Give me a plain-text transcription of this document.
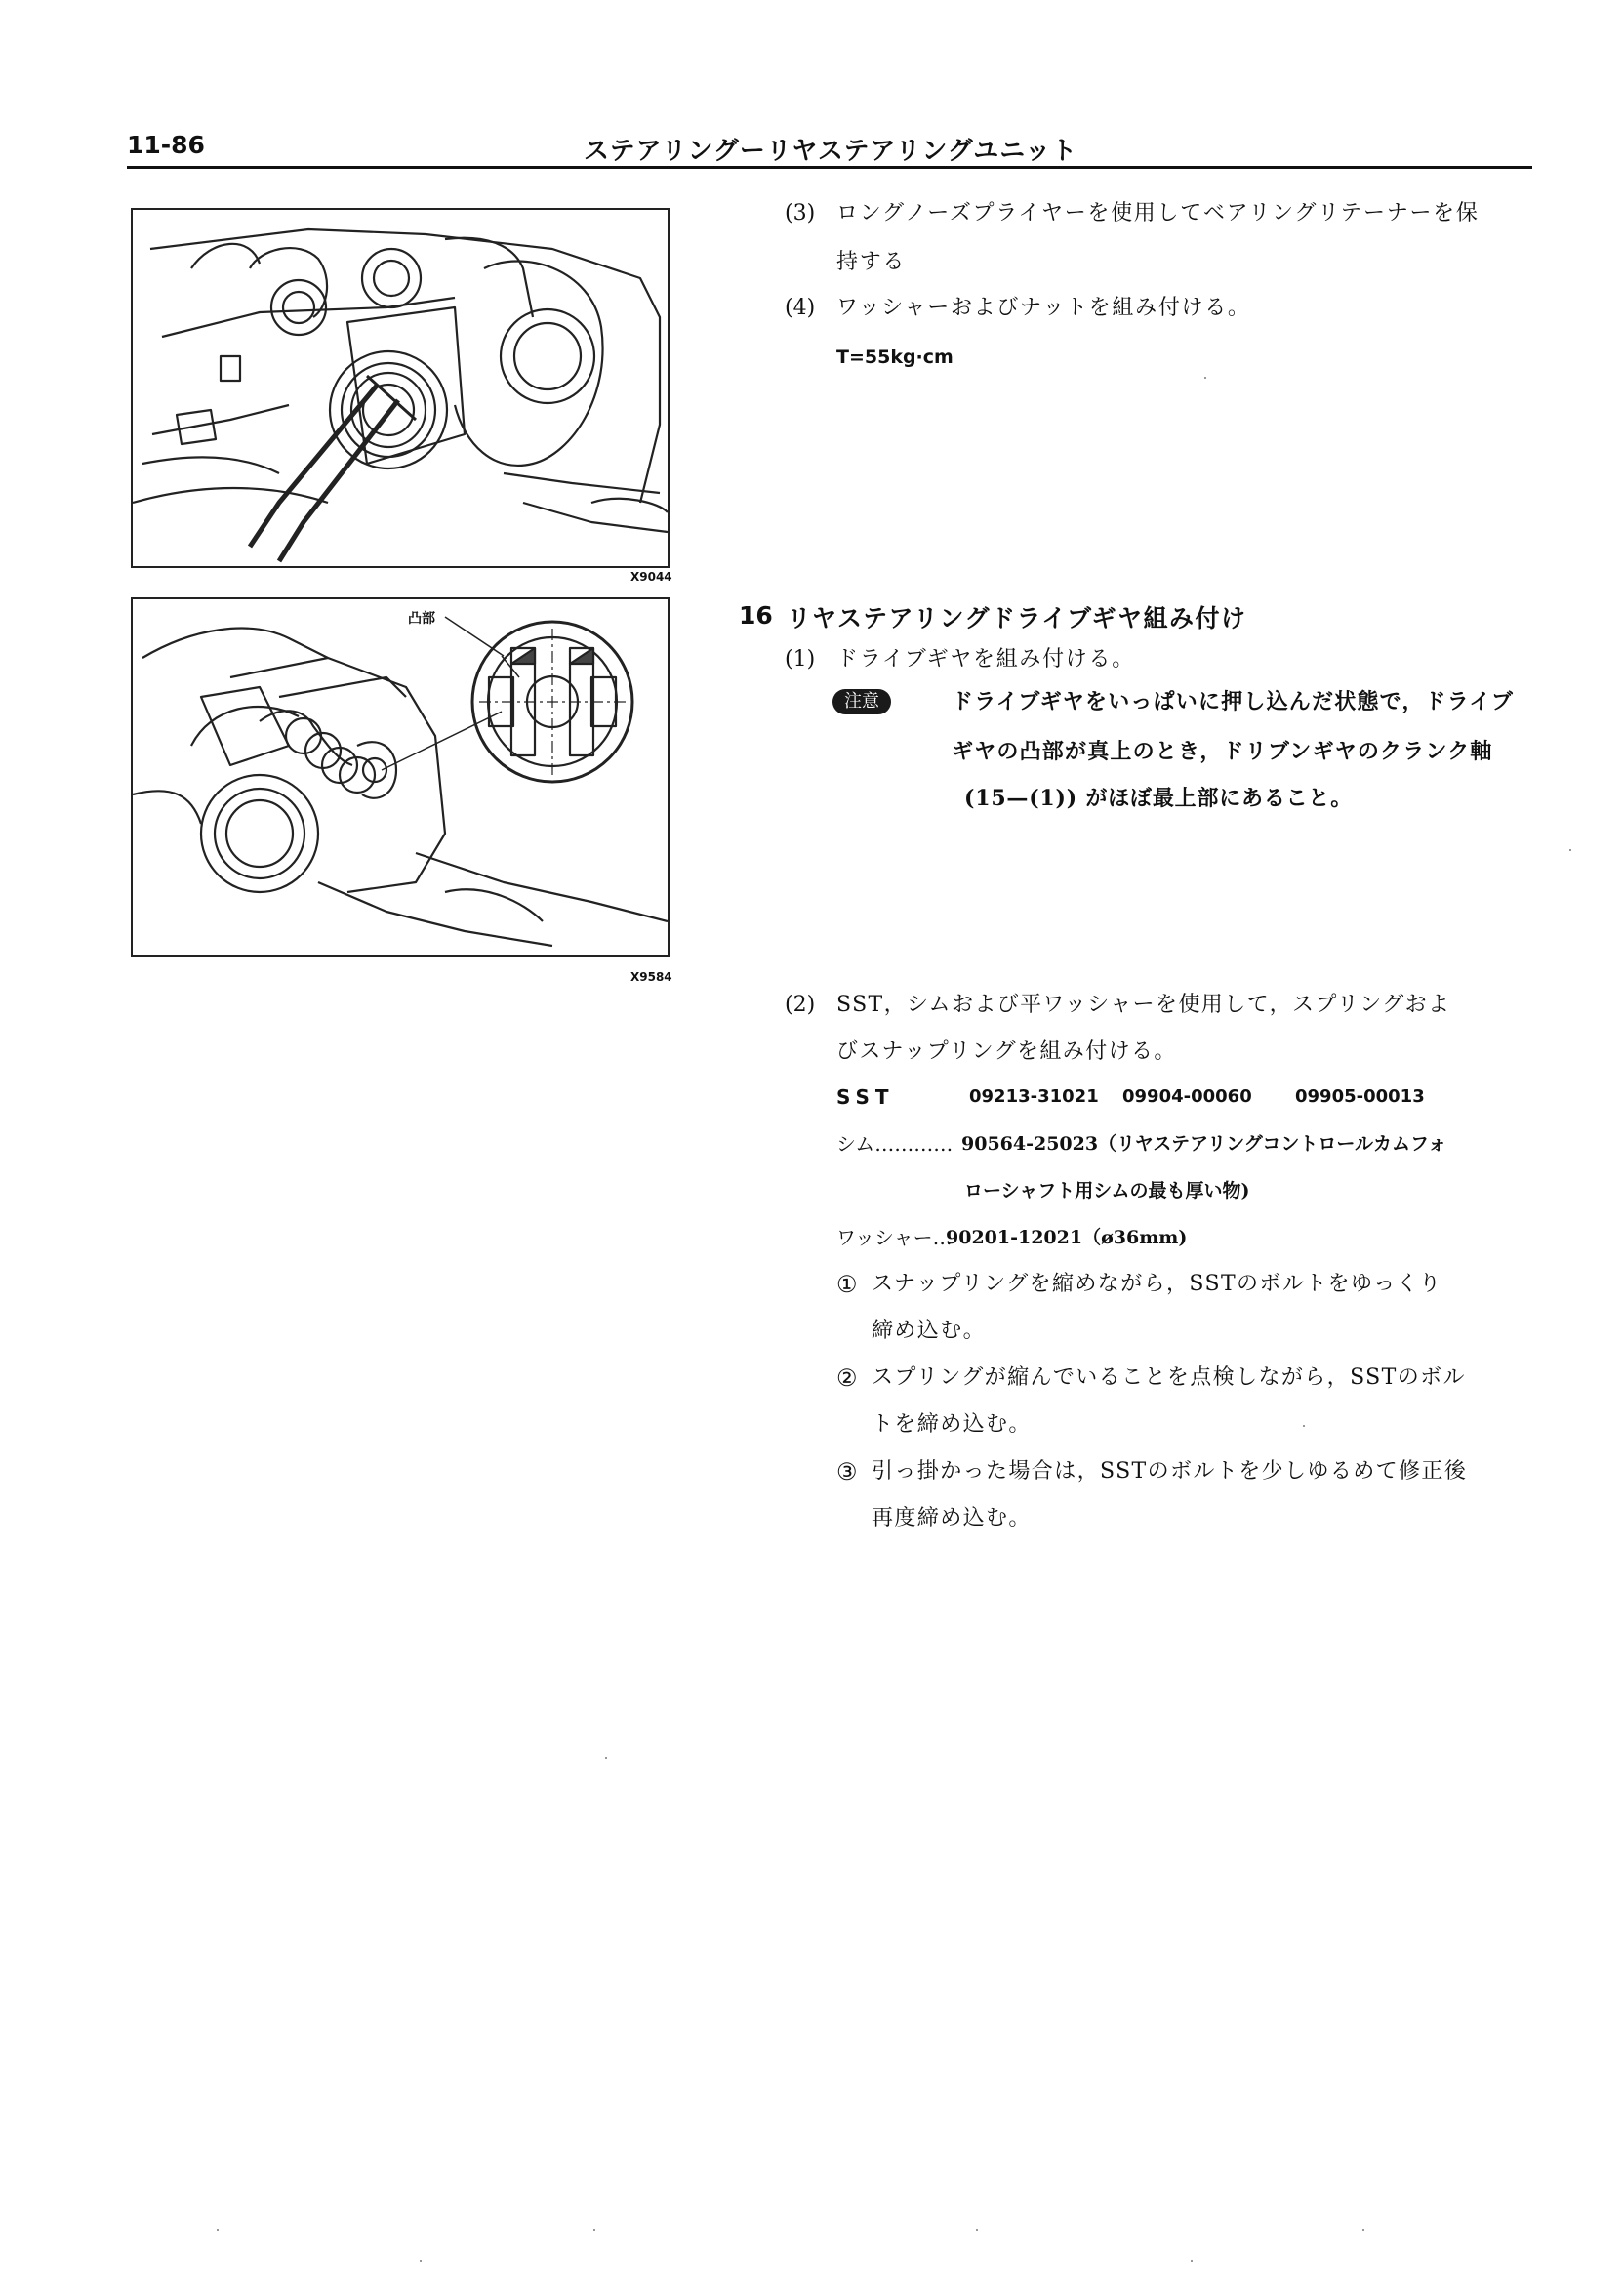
11-86	ステアリングーリヤステアリングユニット
X9044
凸部
X9584
(3) ロングノーズプライヤーを使用してベアリングリテーナーを保
持する
(4) ワッシャーおよびナットを組み付ける。
T=55kg·cm
16 リヤステアリングドライブギヤ組み付け
(1) ドライブギヤを組み付ける。
注意	ドライブギヤをいっぱいに押し込んだ状態で，ドライブ
ギヤの凸部が真上のとき，ドリブンギヤのクランク軸
(15—(1)) がほぼ最上部にあること。
(2) SST，シムおよび平ワッシャーを使用して，スプリングおよ
びスナップリングを組み付ける。
SST	09213-31021 09904-00060 09905-00013
シム………… 90564-25023（リヤステアリングコントロールカムフォ
ローシャフト用シムの最も厚い物)
ワッシャー…
90201-12021（ø36mm)
① スナップリングを縮めながら，SSTのボルトをゆっくり
締め込む。
② スプリングが縮んでいることを点検しながら，SSTのボル
トを締め込む。
③ 引っ掛かった場合は，SSTのボルトを少しゆるめて修正後
再度締め込む。
